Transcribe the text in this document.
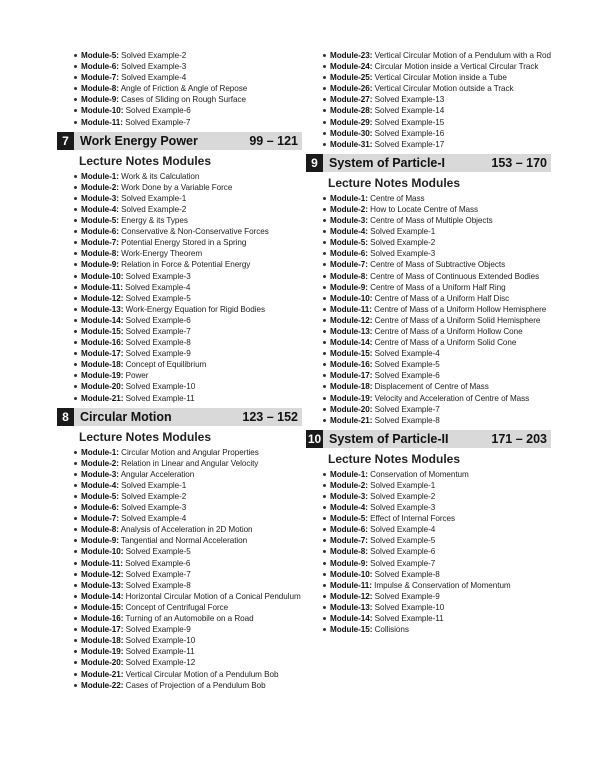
Module-5: Solved Example-2
Module-6: Solved Example-3
Module-7: Solved Example-4
Module-8: Angle of Friction & Angle of Repose
Module-9: Cases of Sliding on Rough Surface
Module-10: Solved Example-6
Module-11: Solved Example-7
7 Work Energy Power	99 – 121
Lecture Notes Modules
Module-1: Work & its Calculation
Module-2: Work Done by a Variable Force
Module-3: Solved Example-1
Module-4: Solved Example-2
Module-5: Energy & its Types
Module-6: Conservative & Non-Conservative Forces
Module-7: Potential Energy Stored in a Spring
Module-8: Work-Energy Theorem
Module-9: Relation in Force & Potential Energy
Module-10: Solved Example-3
Module-11: Solved Example-4
Module-12: Solved Example-5
Module-13: Work-Energy Equation for Rigid Bodies
Module-14: Solved Example-6
Module-15: Solved Example-7
Module-16: Solved Example-8
Module-17: Solved Example-9
Module-18: Concept of Equilibrium
Module-19: Power
Module-20: Solved Example-10
Module-21: Solved Example-11
8 Circular Motion	123 – 152
Lecture Notes Modules
Module-1: Circular Motion and Angular Properties
Module-2: Relation in Linear and Angular Velocity
Module-3: Angular Acceleration
Module-4: Solved Example-1
Module-5: Solved Example-2
Module-6: Solved Example-3
Module-7: Solved Example-4
Module-8: Analysis of Acceleration in 2D Motion
Module-9: Tangential and Normal Acceleration
Module-10: Solved Example-5
Module-11: Solved Example-6
Module-12: Solved Example-7
Module-13: Solved Example-8
Module-14: Horizontal Circular Motion of a Conical Pendulum
Module-15: Concept of Centrifugal Force
Module-16: Turning of an Automobile on a Road
Module-17: Solved Example-9
Module-18: Solved Example-10
Module-19: Solved Example-11
Module-20: Solved Example-12
Module-21: Vertical Circular Motion of a Pendulum Bob
Module-22: Cases of Projection of a Pendulum Bob
Module-23: Vertical Circular Motion of a Pendulum with a Rod
Module-24: Circular Motion inside a Vertical Circular Track
Module-25: Vertical Circular Motion inside a Tube
Module-26: Vertical Circular Motion outside a Track
Module-27: Solved Example-13
Module-28: Solved Example-14
Module-29: Solved Example-15
Module-30: Solved Example-16
Module-31: Solved Example-17
9 System of Particle-I	153 – 170
Lecture Notes Modules
Module-1: Centre of Mass
Module-2: How to Locate Centre of Mass
Module-3: Centre of Mass of Multiple Objects
Module-4: Solved Example-1
Module-5: Solved Example-2
Module-6: Solved Example-3
Module-7: Centre of Mass of Subtractive Objects
Module-8: Centre of Mass of Continuous Extended Bodies
Module-9: Centre of Mass of a Uniform Half Ring
Module-10: Centre of Mass of a Uniform Half Disc
Module-11: Centre of Mass of a Uniform Hollow Hemisphere
Module-12: Centre of Mass of a Uniform Solid Hemisphere
Module-13: Centre of Mass of a Uniform Hollow Cone
Module-14: Centre of Mass of a Uniform Solid Cone
Module-15: Solved Example-4
Module-16: Solved Example-5
Module-17: Solved Example-6
Module-18: Displacement of Centre of Mass
Module-19: Velocity and Acceleration of Centre of Mass
Module-20: Solved Example-7
Module-21: Solved Example-8
10 System of Particle-II	171 – 203
Lecture Notes Modules
Module-1: Conservation of Momentum
Module-2: Solved Example-1
Module-3: Solved Example-2
Module-4: Solved Example-3
Module-5: Effect of Internal Forces
Module-6: Solved Example-4
Module-7: Solved Example-5
Module-8: Solved Example-6
Module-9: Solved Example-7
Module-10: Solved Example-8
Module-11: Impulse & Conservation of Momentum
Module-12: Solved Example-9
Module-13: Solved Example-10
Module-14: Solved Example-11
Module-15: Collisions
